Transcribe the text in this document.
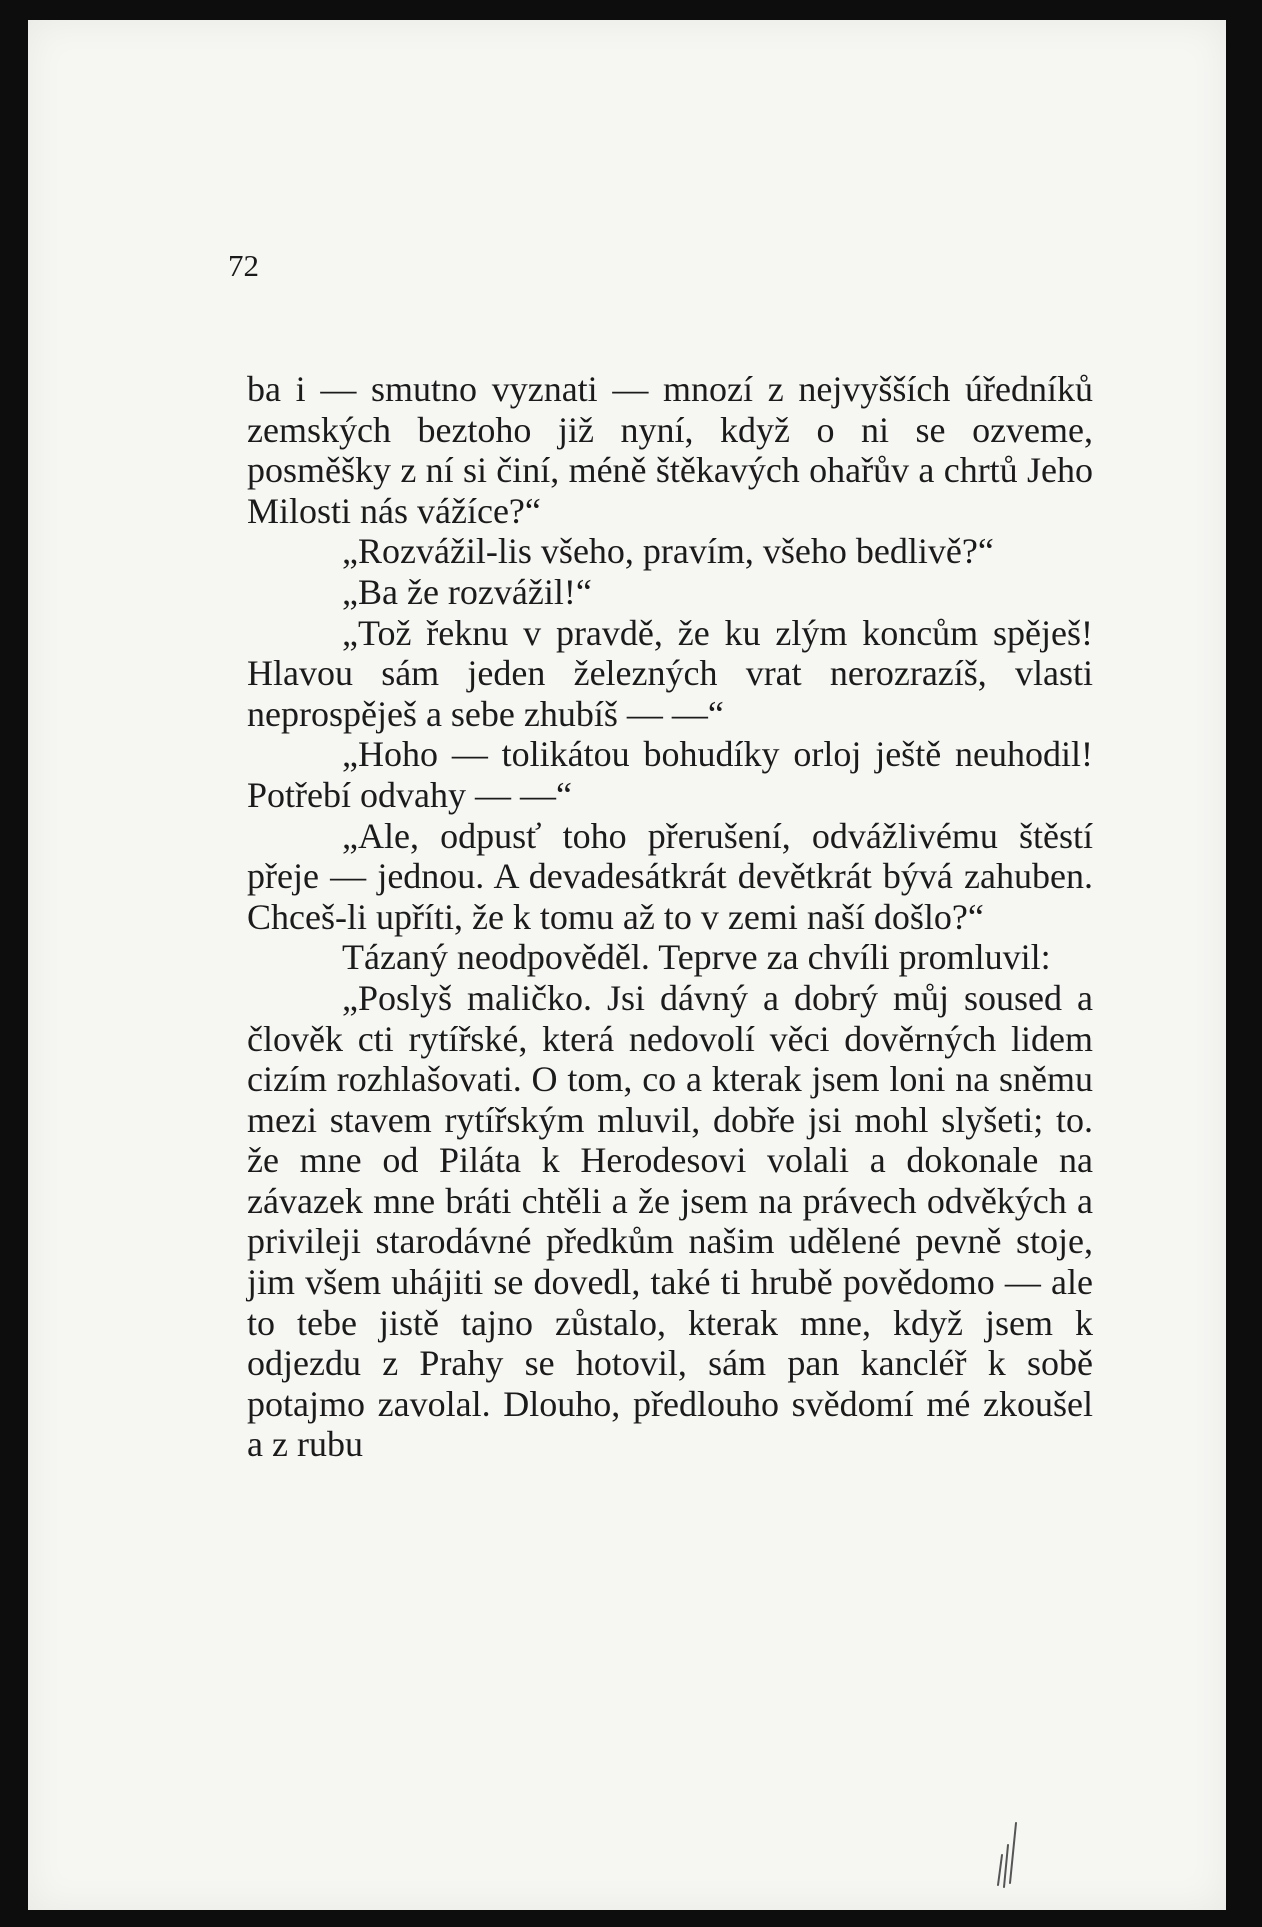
72

ba i — smutno vyznati — mnozí z nejvyšších úředníků zemských beztoho již nyní, když o ni se ozveme, posměšky z ní si činí, méně štěkavých ohařův a chrtů Jeho Milosti nás vážíce?“

„Rozvážil-lis všeho, pravím, všeho bedlivě?“

„Ba že rozvážil!“

„Tož řeknu v pravdě, že ku zlým koncům spěješ! Hlavou sám jeden železných vrat nerozrazíš, vlasti neprospěješ a sebe zhubíš — —“

„Hoho — tolikátou bohudíky orloj ještě neuhodil! Potřebí odvahy — —“

„Ale, odpusť toho přerušení, odvážlivému štěstí přeje — jednou. A devadesátkrát devětkrát bývá zahuben. Chceš-li upříti, že k tomu až to v zemi naší došlo?“

Tázaný neodpověděl. Teprve za chvíli promluvil:

„Poslyš maličko. Jsi dávný a dobrý můj soused a člověk cti rytířské, která nedovolí věci dověrných lidem cizím rozhlašovati. O tom, co a kterak jsem loni na sněmu mezi stavem rytířským mluvil, dobře jsi mohl slyšeti; to. že mne od Piláta k Herodesovi volali a dokonale na závazek mne bráti chtěli a že jsem na právech odvěkých a privileji starodávné předkům našim udělené pevně stoje, jim všem uhájiti se dovedl, také ti hrubě povědomo — ale to tebe jistě tajno zůstalo, kterak mne, když jsem k odjezdu z Prahy se hotovil, sám pan kancléř k sobě potajmo zavolal. Dlouho, předlouho svědomí mé zkoušel a z rubu
